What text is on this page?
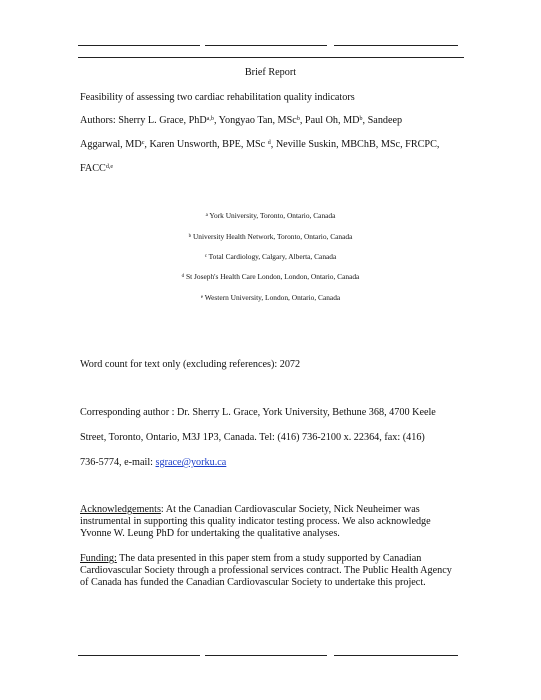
Brief Report
Feasibility of assessing two cardiac rehabilitation quality indicators
Authors: Sherry L. Grace, PhD$^{a,b}$, Yongyao Tan, MSc$^b$, Paul Oh, $MD^b$, Sandeep
Aggarwal, $MD^c$, Karen Unsworth, BPE, MSc $^d$, Neville Suskin, MBChB, MSc, FRCPC,
FACC$^{d,e}$
$^a$ York University, Toronto, Ontario, Canada
$^b$ University Health Network, Toronto, Ontario, Canada
$^c$ Total Cardiology, Calgary, Alberta, Canada
$^d$ St Joseph's Health Care London, London, Ontario, Canada
$^e$ Western University, London, Ontario, Canada
Word count for text only (excluding references): 2072
Corresponding author : Dr. Sherry L. Grace, York University, Bethune 368, 4700 Keele
Street, Toronto, Ontario, M3J 1P3, Canada. Tel: (416) 736-2100 x. 22364, fax: (416)
736-5774, e-mail: sgrace@yorku.ca
Acknowledgements: At the Canadian Cardiovascular Society, Nick Neuheimer was instrumental in supporting this quality indicator testing process. We also acknowledge Yvonne W. Leung PhD for undertaking the qualitative analyses.
Funding: The data presented in this paper stem from a study supported by Canadian Cardiovascular Society through a professional services contract. The Public Health Agency of Canada has funded the Canadian Cardiovascular Society to undertake this project.
